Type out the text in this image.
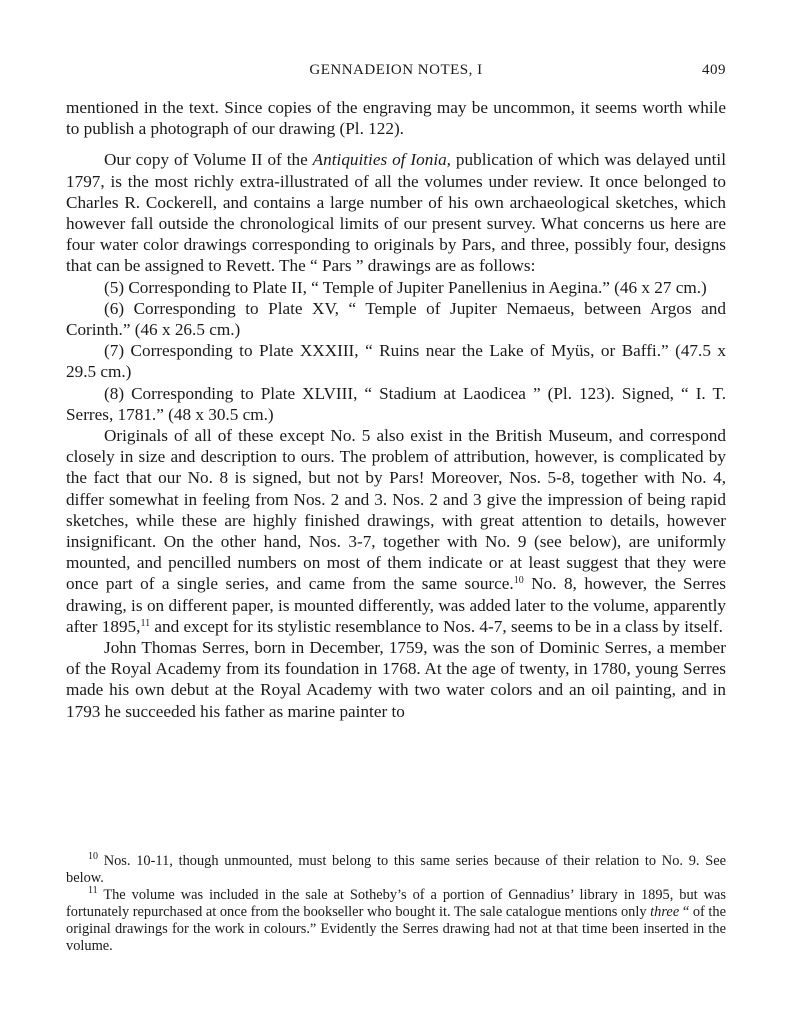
GENNADEION NOTES, I	409

mentioned in the text. Since copies of the engraving may be uncommon, it seems worth while to publish a photograph of our drawing (Pl. 122).

Our copy of Volume II of the Antiquities of Ionia, publication of which was delayed until 1797, is the most richly extra-illustrated of all the volumes under review. It once belonged to Charles R. Cockerell, and contains a large number of his own archaeological sketches, which however fall outside the chronological limits of our present survey. What concerns us here are four water color drawings corresponding to originals by Pars, and three, possibly four, designs that can be assigned to Revett. The “ Pars ” drawings are as follows:

(5) Corresponding to Plate II, “ Temple of Jupiter Panellenius in Aegina.” (46 x 27 cm.)

(6) Corresponding to Plate XV, “ Temple of Jupiter Nemaeus, between Argos and Corinth.” (46 x 26.5 cm.)

(7) Corresponding to Plate XXXIII, “ Ruins near the Lake of Myüs, or Baffi.” (47.5 x 29.5 cm.)

(8) Corresponding to Plate XLVIII, “ Stadium at Laodicea ” (Pl. 123). Signed, “ I. T. Serres, 1781.” (48 x 30.5 cm.)

Originals of all of these except No. 5 also exist in the British Museum, and correspond closely in size and description to ours. The problem of attribution, however, is complicated by the fact that our No. 8 is signed, but not by Pars! Moreover, Nos. 5-8, together with No. 4, differ somewhat in feeling from Nos. 2 and 3. Nos. 2 and 3 give the impression of being rapid sketches, while these are highly finished drawings, with great attention to details, however insignificant. On the other hand, Nos. 3-7, together with No. 9 (see below), are uniformly mounted, and pencilled numbers on most of them indicate or at least suggest that they were once part of a single series, and came from the same source.$^{10}$ No. 8, however, the Serres drawing, is on different paper, is mounted differently, was added later to the volume, apparently after 1895,11 and except for its stylistic resemblance to Nos. 4-7, seems to be in a class by itself.

John Thomas Serres, born in December, 1759, was the son of Dominic Serres, a member of the Royal Academy from its foundation in 1768. At the age of twenty, in 1780, young Serres made his own debut at the Royal Academy with two water colors and an oil painting, and in 1793 he succeeded his father as marine painter to

$^{10}$ Nos. 10-11, though unmounted, must belong to this same series because of their relation to No. 9. See below.

$^{11}$ The volume was included in the sale at Sotheby’s of a portion of Gennadius’ library in 1895, but was fortunately repurchased at once from the bookseller who bought it. The sale catalogue mentions only three “ of the original drawings for the work in colours.” Evidently the Serres drawing had not at that time been inserted in the volume.
